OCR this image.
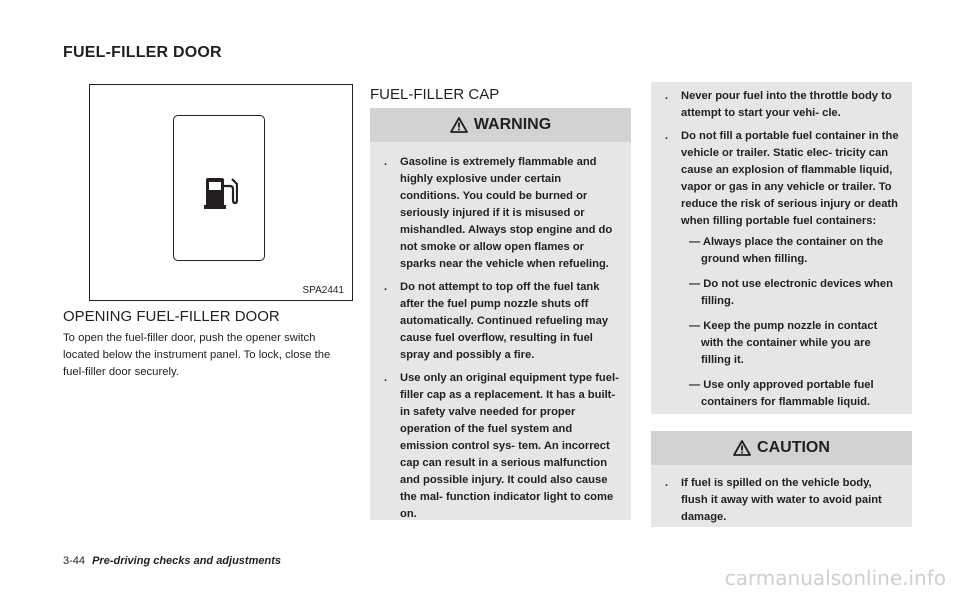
FUEL-FILLER DOOR
SPA2441
OPENING FUEL-FILLER DOOR

To open the fuel-filler door, push the opener switch located below the instrument panel. To lock, close the fuel-filler door securely.

FUEL-FILLER CAP
WARNING
. Gasoline is extremely flammable and highly explosive under certain conditions. You could be burned or seriously injured if it is misused or mishandled. Always stop engine and do not smoke or allow open flames or sparks near the vehicle when refueling.
. Do not attempt to top off the fuel tank after the fuel pump nozzle shuts off automatically. Continued refueling may cause fuel overflow, resulting in fuel spray and possibly a fire.
. Use only an original equipment type fuel-filler cap as a replacement. It has a built-in safety valve needed for proper operation of the fuel system and emission control sys- tem. An incorrect cap can result in a serious malfunction and possible injury. It could also cause the mal- function indicator light to come on.
. Never pour fuel into the throttle body to attempt to start your vehi- cle.
. Do not fill a portable fuel container in the vehicle or trailer. Static elec- tricity can cause an explosion of flammable liquid, vapor or gas in any vehicle or trailer. To reduce the risk of serious injury or death when filling portable fuel containers:
— Always place the container on the ground when filling.
— Do not use electronic devices when filling.
— Keep the pump nozzle in contact with the container while you are filling it.
— Use only approved portable fuel containers for flammable liquid.
CAUTION
. If fuel is spilled on the vehicle body, flush it away with water to avoid paint damage.
3-44 Pre-driving checks and adjustments
carmanualsonline.info
